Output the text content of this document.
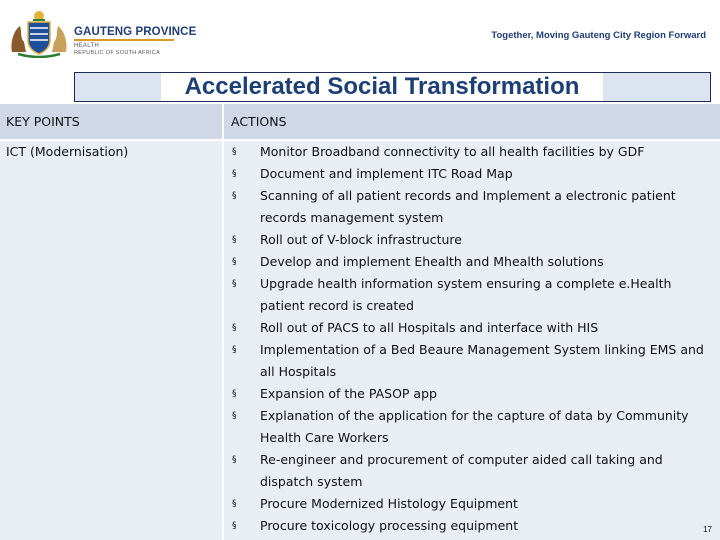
GAUTENG PROVINCE
HEALTH
REPUBLIC OF SOUTH AFRICA
Together, Moving Gauteng City Region Forward
Accelerated Social Transformation
KEY POINTS	ACTIONS
ICT (Modernisation)	§	Monitor Broadband connectivity to all health facilities by GDF
§	Document and implement ITC Road Map
§	Scanning of all patient records and Implement a electronic patient records management system
§	Roll out of V-block infrastructure
§	Develop and implement Ehealth and Mhealth solutions
§	Upgrade health information system ensuring a complete e.Health patient record is created
§	Roll out of PACS to all Hospitals and interface with HIS
§	Implementation of a Bed Beaure Management System linking EMS and all Hospitals
§	Expansion of the PASOP app
§	Explanation of the application for the capture of data by Community Health Care Workers
§	Re-engineer and procurement of computer aided call taking and dispatch system
§	Procure Modernized Histology Equipment
§	Procure toxicology processing equipment	17
